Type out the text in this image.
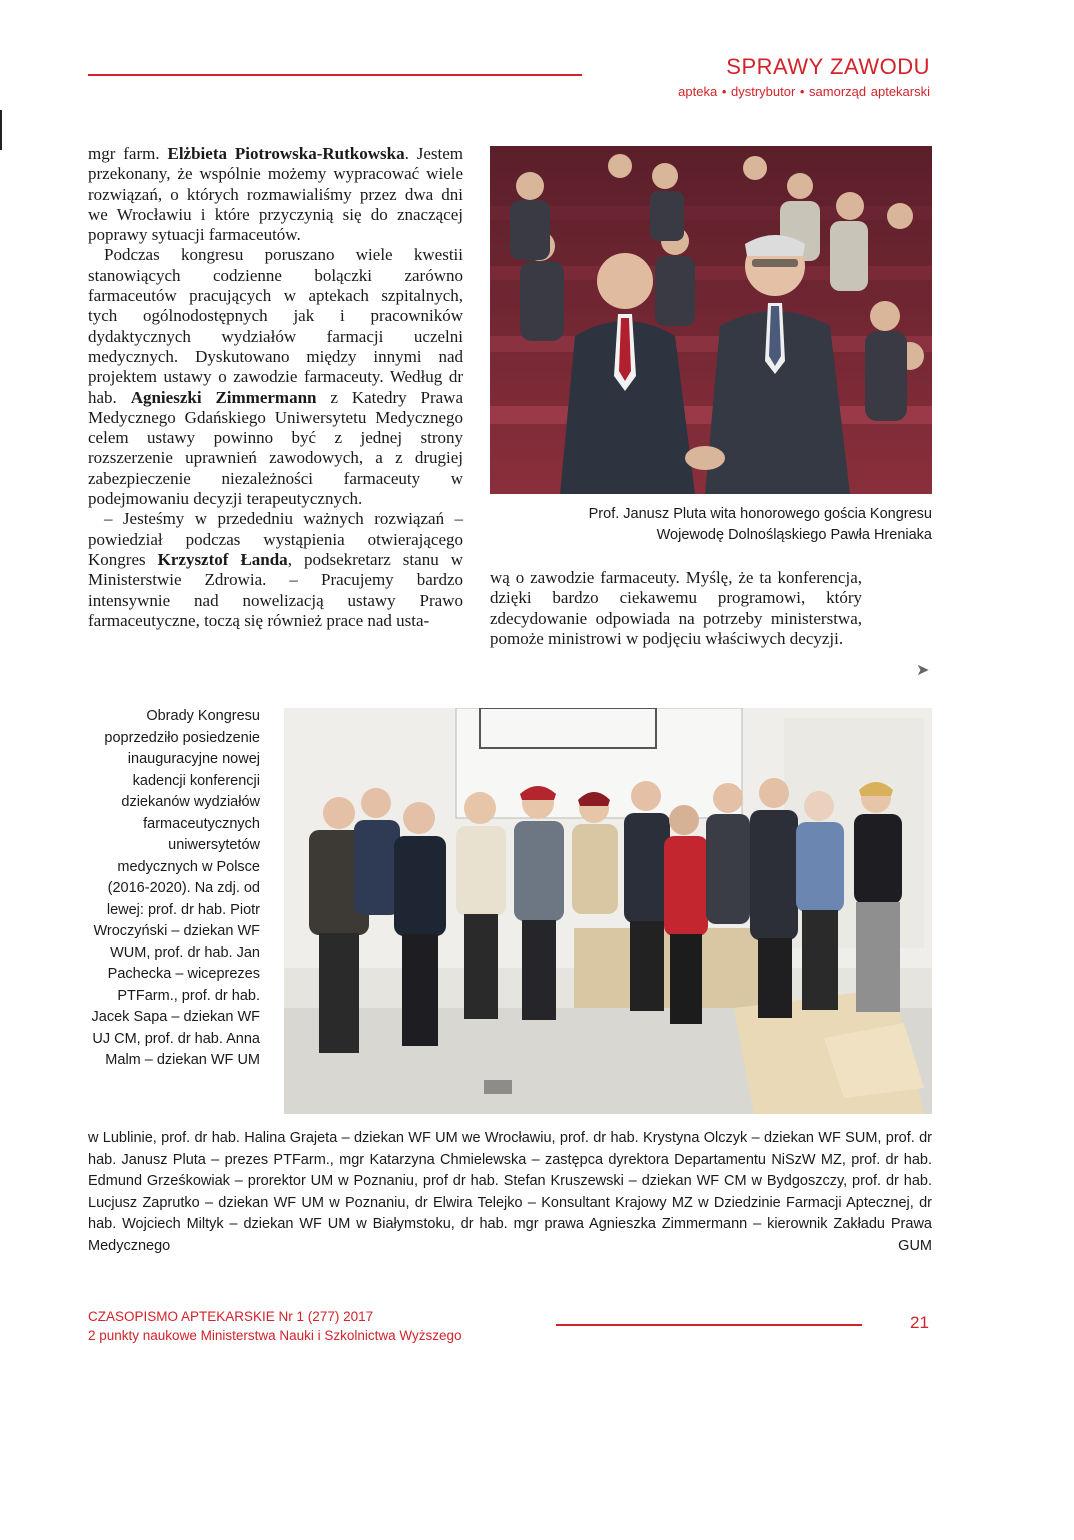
SPRAWY ZAWODU
apteka • dystrybutor • samorząd aptekarski

mgr farm. Elżbieta Piotrowska-Rutkowska. Jestem przekonany, że wspólnie możemy wypracować wiele rozwiązań, o których rozmawialiśmy przez dwa dni we Wrocławiu i które przyczynią się do znaczącej poprawy sytuacji farmaceutów.

Podczas kongresu poruszano wiele kwestii stanowiących codzienne bolączki zarówno farmaceutów pracujących w aptekach szpitalnych, tych ogólnodostępnych jak i pracowników dydaktycznych wydziałów farmacji uczelni medycznych. Dyskutowano między innymi nad projektem ustawy o zawodzie farmaceuty. Według dr hab. Agnieszki Zimmermann z Katedry Prawa Medycznego Gdańskiego Uniwersytetu Medycznego celem ustawy powinno być z jednej strony rozszerzenie uprawnień zawodowych, a z drugiej zabezpieczenie niezależności farmaceuty w podejmowaniu decyzji terapeutycznych.

– Jesteśmy w przededniu ważnych rozwiązań – powiedział podczas wystąpienia otwierającego Kongres Krzysztof Łanda, podsekretarz stanu w Ministerstwie Zdrowia. – Pracujemy bardzo intensywnie nad nowelizacją ustawy Prawo farmaceutyczne, toczą się również prace nad usta-

Prof. Janusz Pluta wita honorowego gościa Kongresu
Wojewodę Dolnośląskiego Pawła Hreniaka
wą o zawodzie farmaceuty. Myślę, że ta konferencja, dzięki bardzo ciekawemu programowi, który zdecydowanie odpowiada na potrzeby ministerstwa, pomoże ministrowi w podjęciu właściwych decyzji.
➤
Obrady Kongresu poprzedziło posiedzenie inauguracyjne nowej kadencji konferencji dziekanów wydziałów farmaceutycznych uniwersytetów medycznych w Polsce (2016-2020). Na zdj. od lewej: prof. dr hab. Piotr Wroczyński – dziekan WF WUM, prof. dr hab. Jan Pachecka – wiceprezes PTFarm., prof. dr hab. Jacek Sapa – dziekan WF UJ CM, prof. dr hab. Anna Malm – dziekan WF UM
w Lublinie, prof. dr hab. Halina Grajeta – dziekan WF UM we Wrocławiu, prof. dr hab. Krystyna Olczyk – dziekan WF SUM, prof. dr hab. Janusz Pluta – prezes PTFarm., mgr Katarzyna Chmielewska – zastępca dyrektora Departamentu NiSzW MZ, prof. dr hab. Edmund Grześkowiak – prorektor UM w Poznaniu, prof dr hab. Stefan Kruszewski – dziekan WF CM w Bydgoszczy, prof. dr hab. Lucjusz Zaprutko – dziekan WF UM w Poznaniu, dr Elwira Telejko – Konsultant Krajowy MZ w Dziedzinie Farmacji Aptecznej, dr hab. Wojciech Miltyk – dziekan WF UM w Białymstoku, dr hab. mgr prawa Agnieszka Zimmermann – kierownik Zakładu Prawa Medycznego GUM
CZASOPISMO APTEKARSKIE Nr 1 (277) 2017
2 punkty naukowe Ministerstwa Nauki i Szkolnictwa Wyższego
21
